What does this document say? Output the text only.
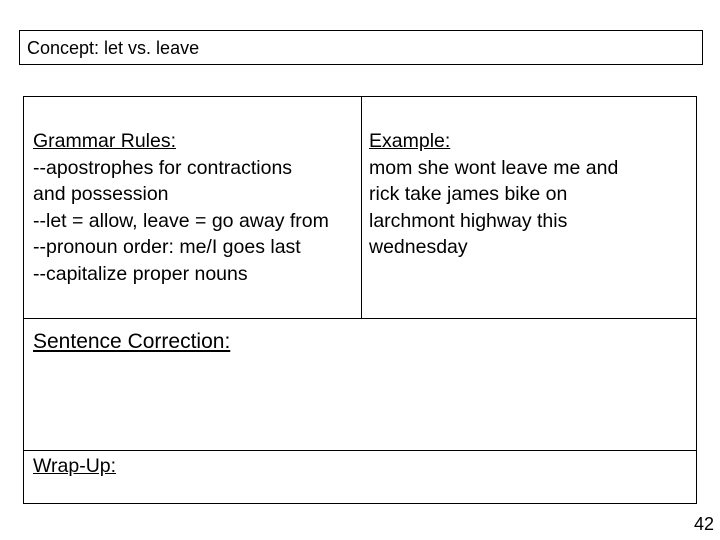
Concept: let vs. leave
Grammar Rules:
--apostrophes for contractions
and possession
--let = allow, leave = go away from
--pronoun order: me/I goes last
--capitalize proper nouns
Example:
mom she wont leave me and
rick take james bike on
larchmont highway this
wednesday
Sentence Correction:
Wrap-Up:
42
